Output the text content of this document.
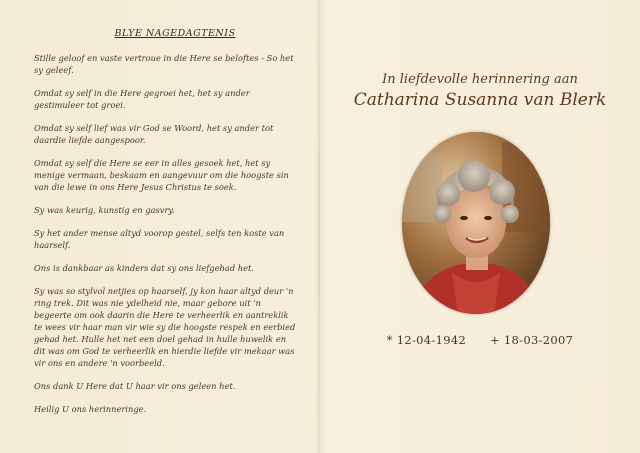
BLYE NAGEDAGTENIS

Stille geloof en vaste vertroue in die Here se beloftes - So het sy geleef.

Omdat sy self in die Here gegroei het, het sy ander gestimuleer tot groei.

Omdat sy self lief was vir God se Woord, het sy ander tot daardie liefde aangespoor.

Omdat sy self die Here se eer in alles gesoek het, het sy menige vermaan, beskaam en aangevuur om die hoogste sin van die lewe in ons Here Jesus Christus te soek.

Sy was keurig, kunstig en gasvry.

Sy het ander mense altyd voorop gestel, selfs ten koste van haarself.

Ons is dankbaar as kinders dat sy ons liefgehad het.

Sy was so stylvol netjies op haarself, jy kon haar altyd deur 'n ring trek. Dit was nie ydelheid nie, maar gebore uit 'n begeerte om ook daarin die Here te verheerlik en aantreklik te wees vir haar man vir wie sy die hoogste respek en eerbied gehad het. Hulle het net een doel gehad in hulle huwelik en dit was om God te verheerlik en hierdie liefde vir mekaar was vir ons en andere 'n voorbeeld.

Ons dank U Here dat U haar vir ons geleen het.

Heilig U ons herinneringe.

In liefdevolle herinnering aan
Catharina Susanna van Blerk
* 12-04-1942 + 18-03-2007
